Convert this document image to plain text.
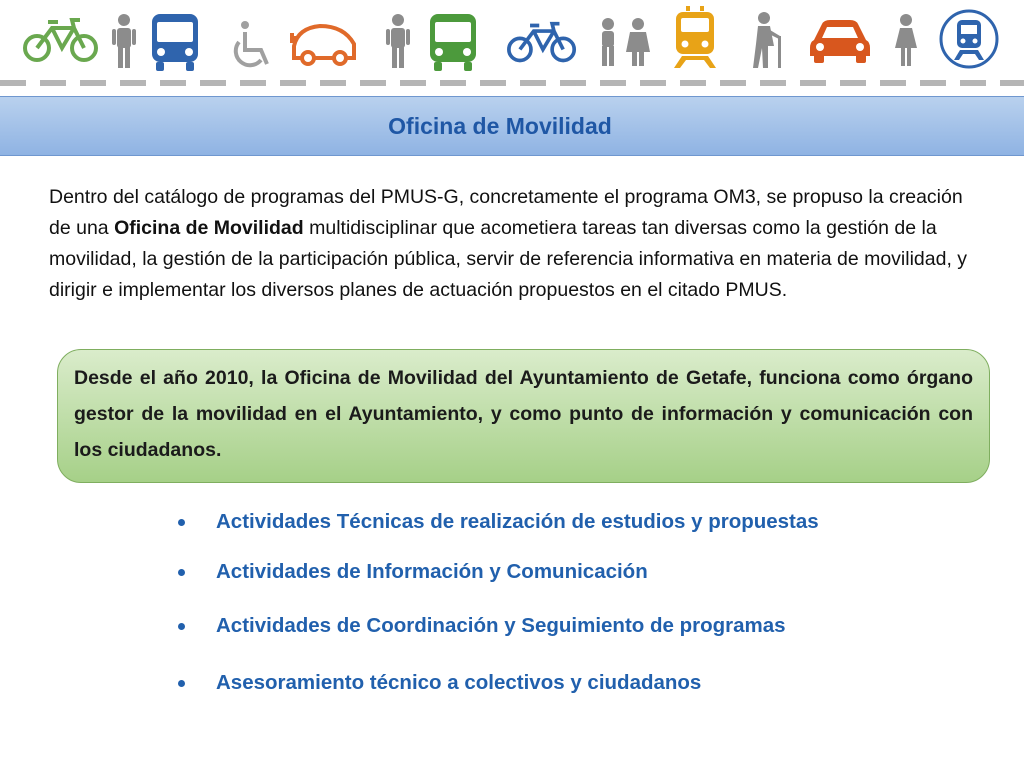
Oficina de Movilidad

Dentro del catálogo de programas del PMUS-G, concretamente el programa OM3, se propuso la creación de una Oficina de Movilidad multidisciplinar que acometiera tareas tan diversas como la gestión de la movilidad, la gestión de la participación pública, servir de referencia informativa en materia de movilidad, y dirigir e implementar los diversos planes de actuación propuestos en el citado PMUS.

Desde el año 2010, la Oficina de Movilidad del Ayuntamiento de Getafe, funciona como órgano gestor de la movilidad en el Ayuntamiento, y como punto de información y comunicación con los ciudadanos.

Actividades Técnicas de realización de estudios y propuestas
Actividades de Información y Comunicación
Actividades de Coordinación y Seguimiento de programas
Asesoramiento técnico a colectivos y ciudadanos
